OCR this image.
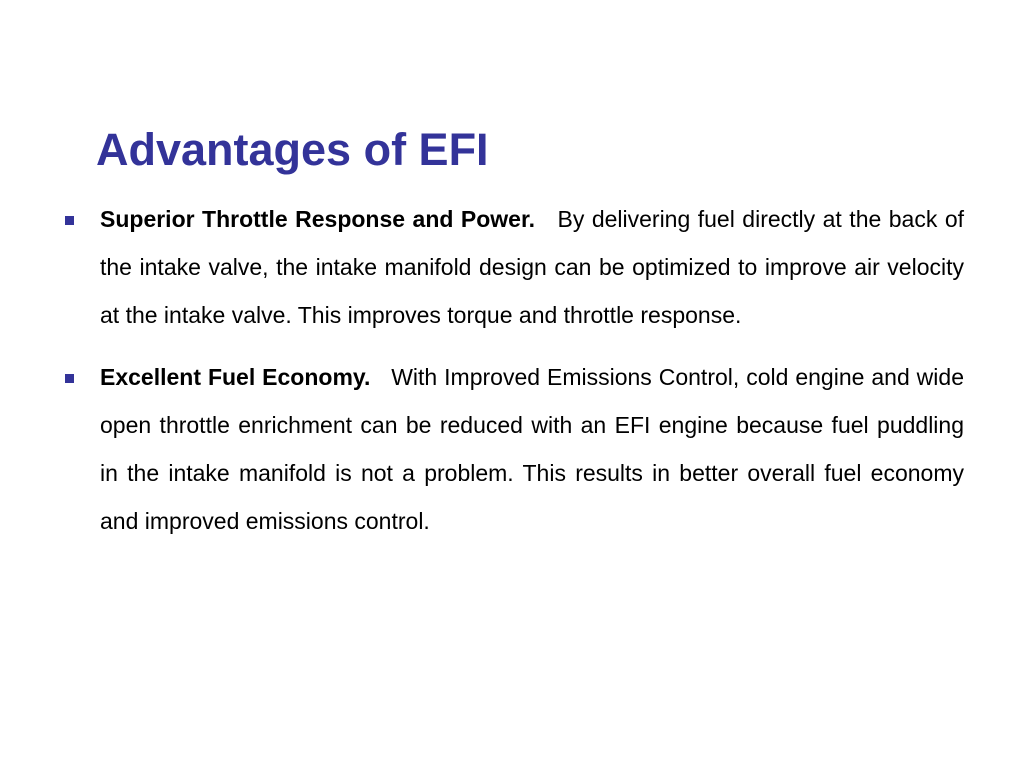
Advantages of EFI
Superior Throttle Response and Power. By delivering fuel directly at the back of the intake valve, the intake manifold design can be optimized to improve air velocity at the intake valve. This improves torque and throttle response.
Excellent Fuel Economy. With Improved Emissions Control, cold engine and wide open throttle enrichment can be reduced with an EFI engine because fuel puddling in the intake manifold is not a problem. This results in better overall fuel economy and improved emissions control.
